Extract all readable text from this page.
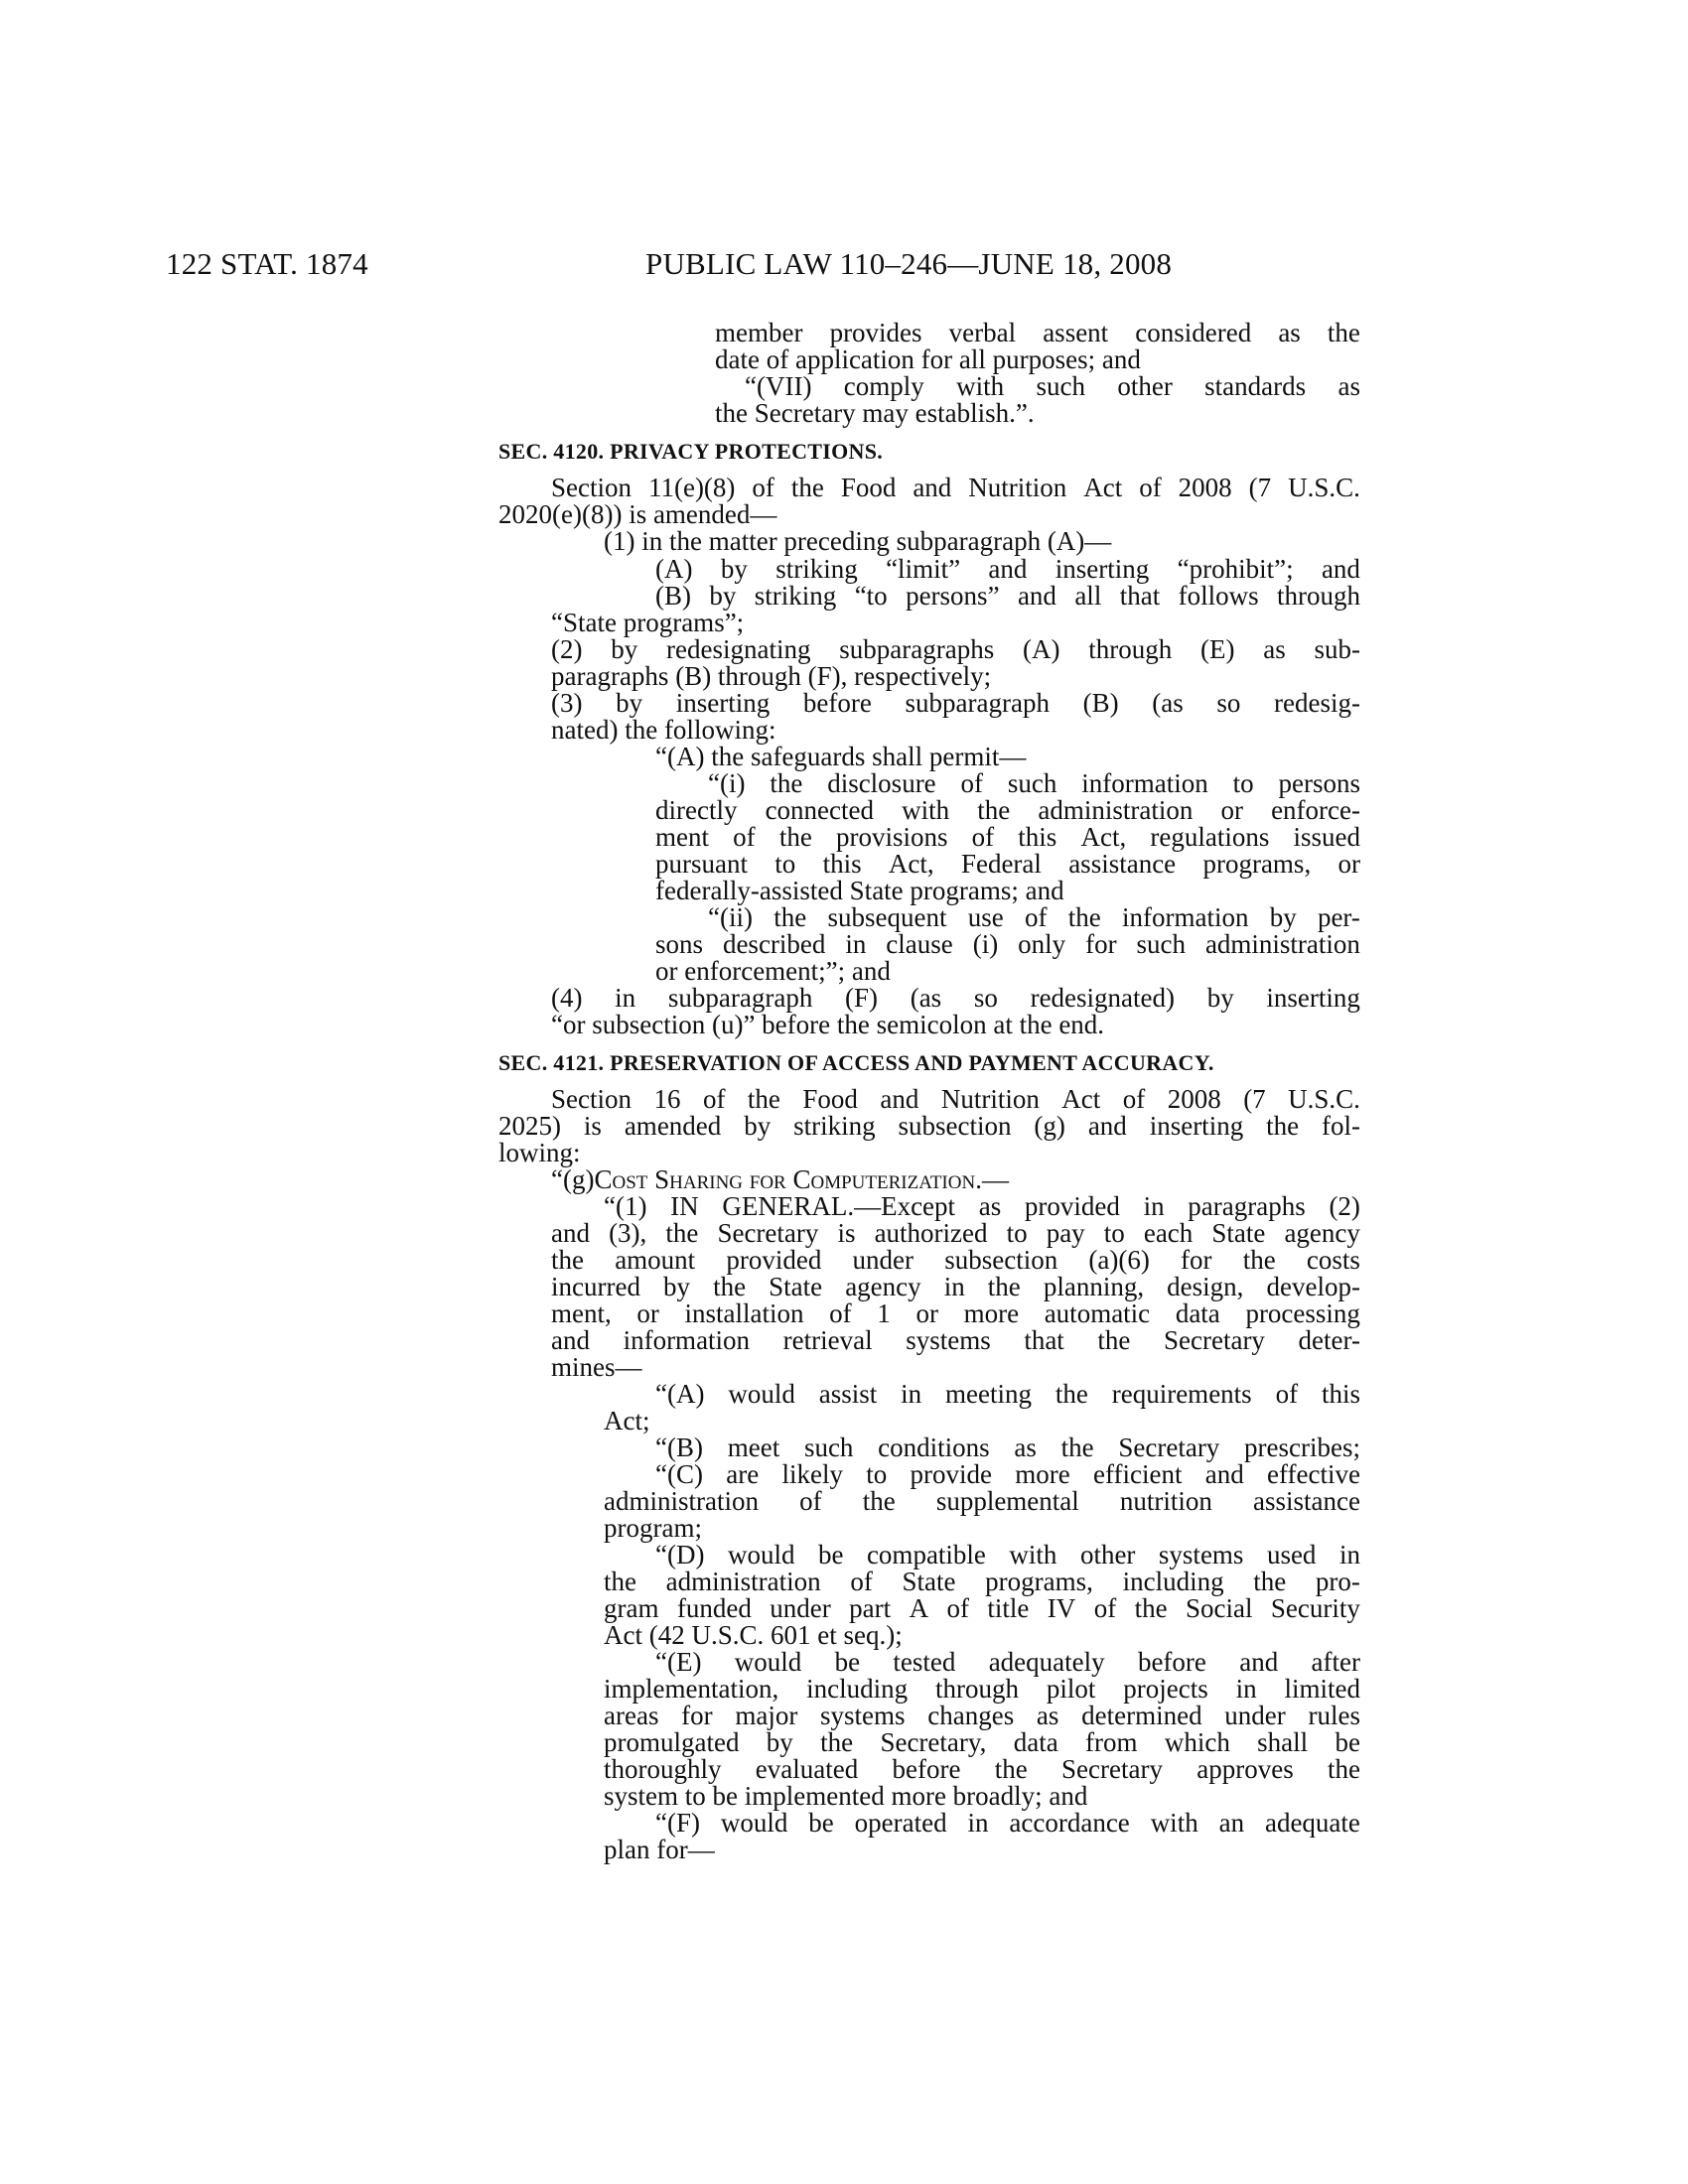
122 STAT. 1874	PUBLIC LAW 110–246—JUNE 18, 2008
member provides verbal assent considered as the
date of application for all purposes; and
“(VII) comply with such other standards as
the Secretary may establish.”.
SEC. 4120. PRIVACY PROTECTIONS.
Section 11(e)(8) of the Food and Nutrition Act of 2008 (7 U.S.C.
2020(e)(8)) is amended—
(1) in the matter preceding subparagraph (A)—
(A) by striking “limit” and inserting “prohibit”; and
(B) by striking “to persons” and all that follows through
“State programs”;
(2) by redesignating subparagraphs (A) through (E) as sub-
paragraphs (B) through (F), respectively;
(3) by inserting before subparagraph (B) (as so redesig-
nated) the following:
“(A) the safeguards shall permit—
“(i) the disclosure of such information to persons
directly connected with the administration or enforce-
ment of the provisions of this Act, regulations issued
pursuant to this Act, Federal assistance programs, or
federally-assisted State programs; and
“(ii) the subsequent use of the information by per-
sons described in clause (i) only for such administration
or enforcement;”; and
(4) in subparagraph (F) (as so redesignated) by inserting
“or subsection (u)” before the semicolon at the end.
SEC. 4121. PRESERVATION OF ACCESS AND PAYMENT ACCURACY.
Section 16 of the Food and Nutrition Act of 2008 (7 U.S.C.
2025) is amended by striking subsection (g) and inserting the fol-
lowing:
“(g) Cost Sharing for Computerization .—
“(1) IN GENERAL.—Except as provided in paragraphs (2)
and (3), the Secretary is authorized to pay to each State agency
the amount provided under subsection (a)(6) for the costs
incurred by the State agency in the planning, design, develop-
ment, or installation of 1 or more automatic data processing
and information retrieval systems that the Secretary deter-
mines—
“(A) would assist in meeting the requirements of this
Act;
“(B) meet such conditions as the Secretary prescribes;
“(C) are likely to provide more efficient and effective
administration of the supplemental nutrition assistance
program;
“(D) would be compatible with other systems used in
the administration of State programs, including the pro-
gram funded under part A of title IV of the Social Security
Act (42 U.S.C. 601 et seq.);
“(E) would be tested adequately before and after
implementation, including through pilot projects in limited
areas for major systems changes as determined under rules
promulgated by the Secretary, data from which shall be
thoroughly evaluated before the Secretary approves the
system to be implemented more broadly; and
“(F) would be operated in accordance with an adequate
plan for—
